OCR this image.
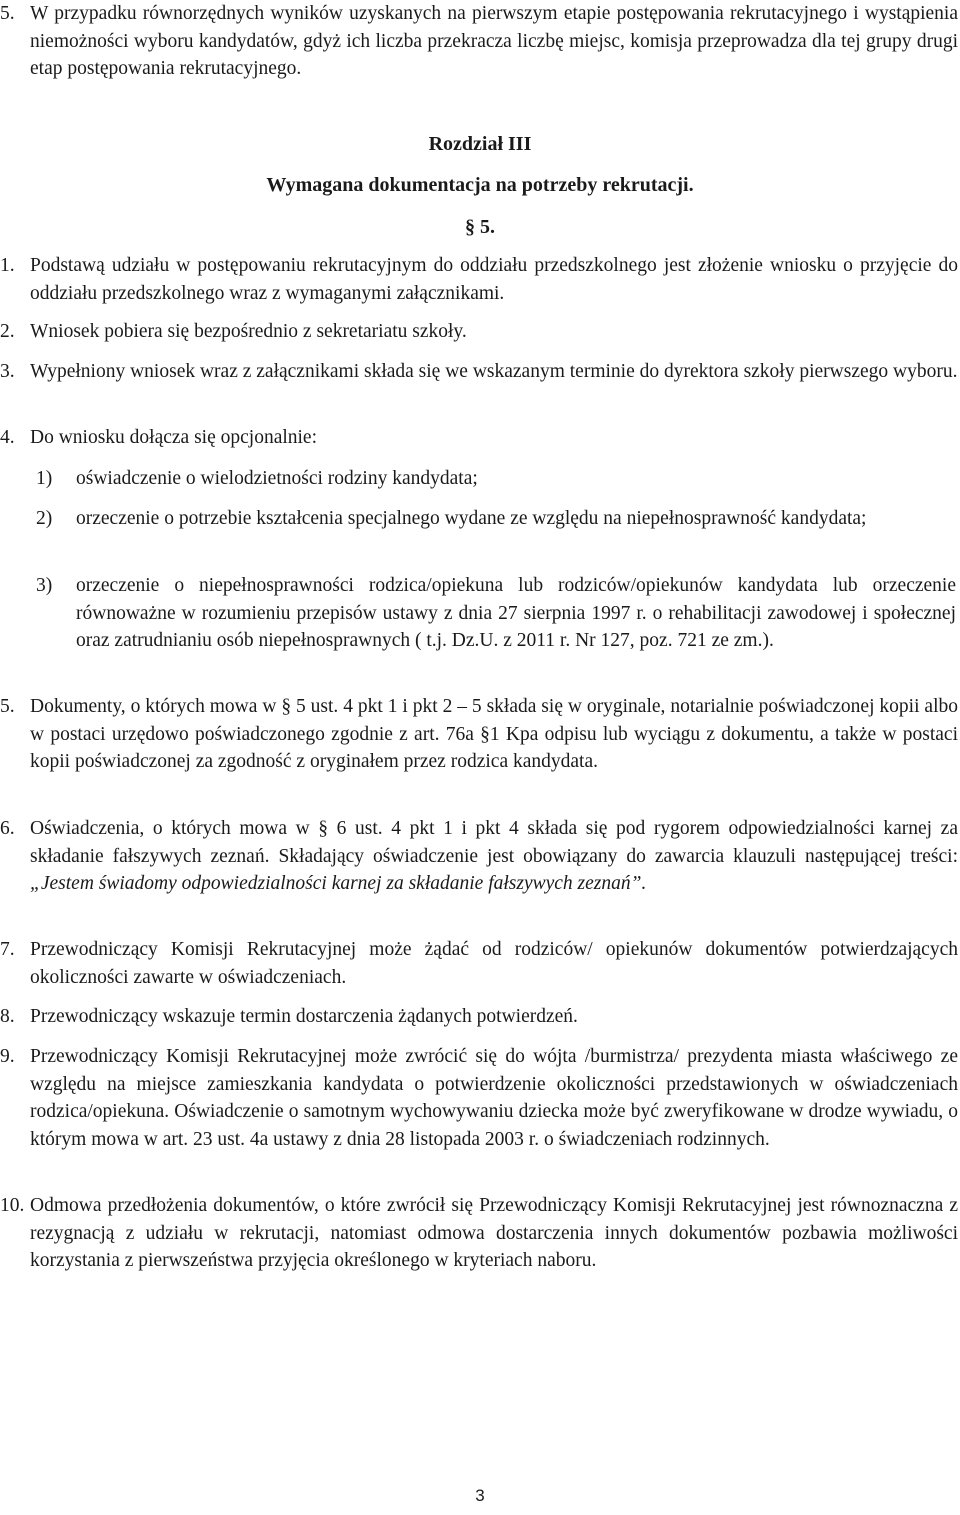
5. W przypadku równorzędnych wyników uzyskanych na pierwszym etapie postępowania rekrutacyjnego i wystąpienia niemożności wyboru kandydatów, gdyż ich liczba przekracza liczbę miejsc, komisja przeprowadza dla tej grupy drugi etap postępowania rekrutacyjnego.
Rozdział III
Wymagana dokumentacja na potrzeby rekrutacji.
§ 5.
1. Podstawą udziału w postępowaniu rekrutacyjnym do oddziału przedszkolnego jest złożenie wniosku o przyjęcie do oddziału przedszkolnego wraz z wymaganymi załącznikami.
2. Wniosek pobiera się bezpośrednio z sekretariatu szkoły.
3. Wypełniony wniosek wraz z załącznikami składa się we wskazanym terminie do dyrektora szkoły pierwszego wyboru.
4. Do wniosku dołącza się opcjonalnie:
1) oświadczenie o wielodzietności rodziny kandydata;
2) orzeczenie o potrzebie kształcenia specjalnego wydane ze względu na niepełnosprawność kandydata;
3) orzeczenie o niepełnosprawności rodzica/opiekuna lub rodziców/opiekunów kandydata lub orzeczenie równoważne w rozumieniu przepisów ustawy z dnia 27 sierpnia 1997 r. o rehabilitacji zawodowej i społecznej oraz zatrudnianiu osób niepełnosprawnych ( t.j. Dz.U. z 2011 r. Nr 127, poz. 721 ze zm.).
5. Dokumenty, o których mowa w § 5 ust. 4 pkt 1 i pkt 2 – 5 składa się w oryginale, notarialnie poświadczonej kopii albo w postaci urzędowo poświadczonego zgodnie z art. 76a §1 Kpa odpisu lub wyciągu z dokumentu, a także w postaci kopii poświadczonej za zgodność z oryginałem przez rodzica kandydata.
6. Oświadczenia, o których mowa w § 6 ust. 4 pkt 1 i pkt 4 składa się pod rygorem odpowiedzialności karnej za składanie fałszywych zeznań. Składający oświadczenie jest obowiązany do zawarcia klauzuli następującej treści: „Jestem świadomy odpowiedzialności karnej za składanie fałszywych zeznań”.
7. Przewodniczący Komisji Rekrutacyjnej może żądać od rodziców/ opiekunów dokumentów potwierdzających okoliczności zawarte w oświadczeniach.
8. Przewodniczący wskazuje termin dostarczenia żądanych potwierdzeń.
9. Przewodniczący Komisji Rekrutacyjnej może zwrócić się do wójta /burmistrza/ prezydenta miasta właściwego ze względu na miejsce zamieszkania kandydata o potwierdzenie okoliczności przedstawionych w oświadczeniach rodzica/opiekuna. Oświadczenie o samotnym wychowywaniu dziecka może być zweryfikowane w drodze wywiadu, o którym mowa w art. 23 ust. 4a ustawy z dnia 28 listopada 2003 r. o świadczeniach rodzinnych.
10. Odmowa przedłożenia dokumentów, o które zwrócił się Przewodniczący Komisji Rekrutacyjnej jest równoznaczna z rezygnacją z udziału w rekrutacji, natomiast odmowa dostarczenia innych dokumentów pozbawia możliwości korzystania z pierwszeństwa przyjęcia określonego w kryteriach naboru.
3
